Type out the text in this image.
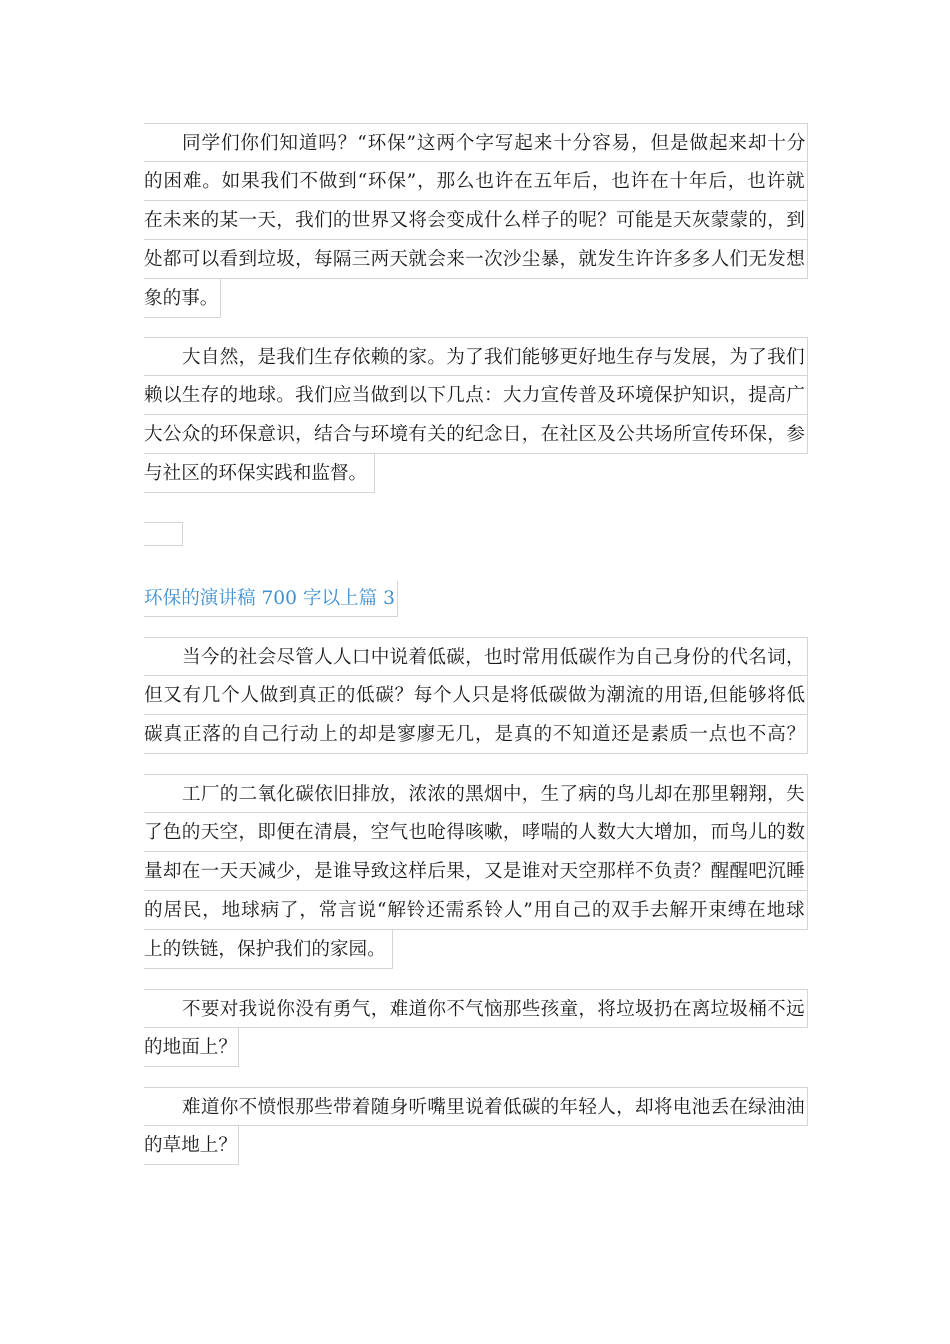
同学们你们知道吗？“环保”这两个字写起来十分容易，但是做起来却十分
的困难。如果我们不做到“环保”，那么也许在五年后，也许在十年后，也许就
在未来的某一天，我们的世界又将会变成什么样子的呢？可能是天灰蒙蒙的，到
处都可以看到垃圾，每隔三两天就会来一次沙尘暴，就发生许许多多人们无发想
象的事。
大自然，是我们生存依赖的家。为了我们能够更好地生存与发展，为了我们
赖以生存的地球。我们应当做到以下几点：大力宣传普及环境保护知识，提高广
大公众的环保意识，结合与环境有关的纪念日，在社区及公共场所宣传环保，参
与社区的环保实践和监督。
环保的演讲稿 700 字以上篇 3
当今的社会尽管人人口中说着低碳，也时常用低碳作为自己身份的代名词，
但又有几个人做到真正的低碳？每个人只是将低碳做为潮流的用语,但能够将低
碳真正落的自己行动上的却是寥廖无几，是真的不知道还是素质一点也不高？
工厂的二氧化碳依旧排放，浓浓的黑烟中，生了病的鸟儿却在那里翱翔，失
了色的天空，即便在清晨，空气也呛得咳嗽，哮喘的人数大大增加，而鸟儿的数
量却在一天天减少，是谁导致这样后果，又是谁对天空那样不负责？醒醒吧沉睡
的居民，地球病了，常言说“解铃还需系铃人”用自己的双手去解开束缚在地球
上的铁链，保护我们的家园。
不要对我说你没有勇气，难道你不气恼那些孩童，将垃圾扔在离垃圾桶不远
的地面上？
难道你不愤恨那些带着随身听嘴里说着低碳的年轻人，却将电池丢在绿油油
的草地上？
